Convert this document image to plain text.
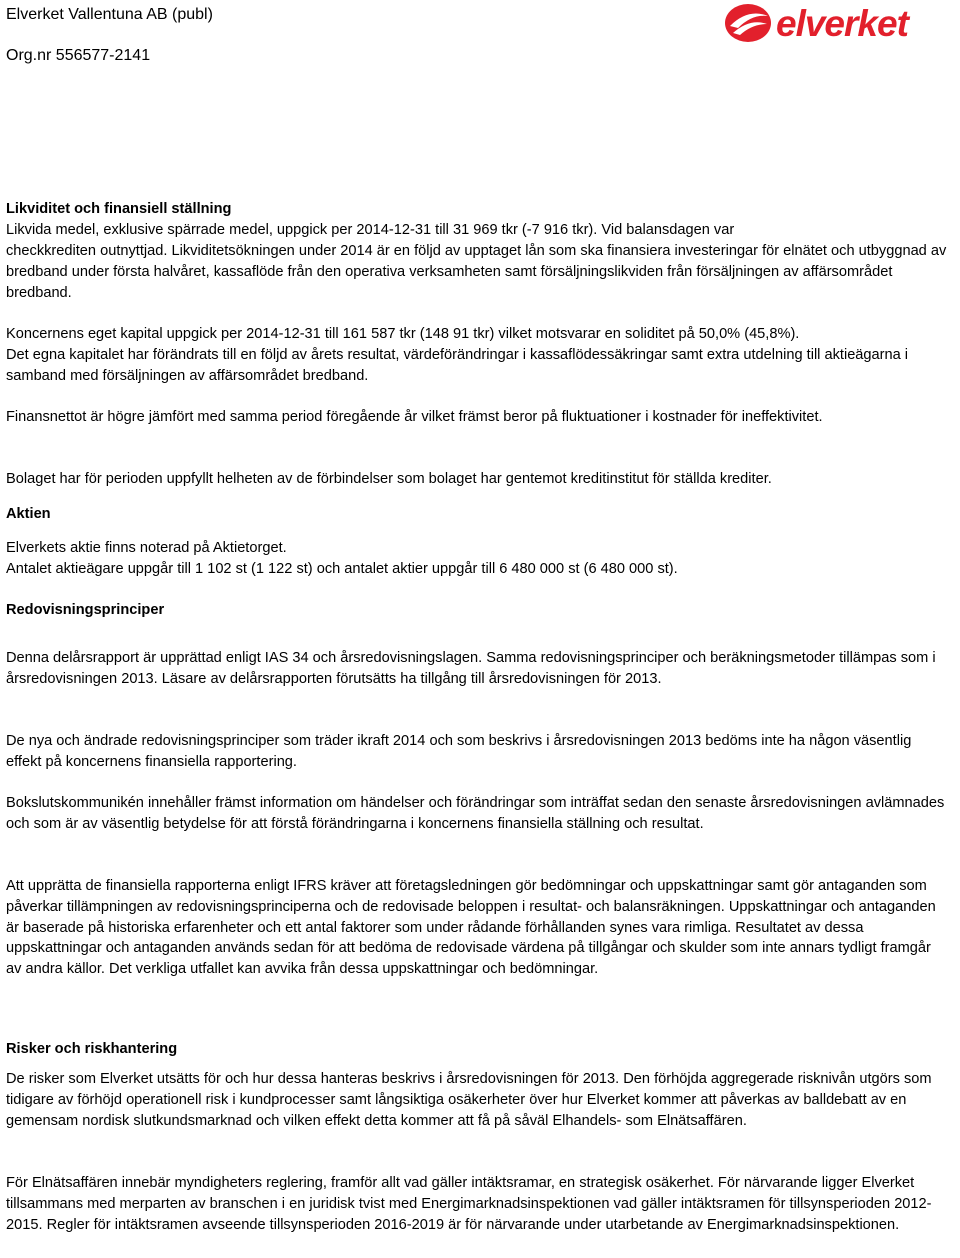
Elverket Vallentuna AB (publ)
Org.nr 556577-2141
elverket
Likviditet och finansiell ställning

Likvida medel, exklusive spärrade medel, uppgick per 2014-12-31 till 31 969 tkr (-7 916 tkr). Vid balansdagen var

checkkrediten outnyttjad. Likviditetsökningen under 2014 är en följd av upptaget lån som ska finansiera investeringar för elnätet och utbyggnad av bredband under första halvåret, kassaflöde från den operativa verksamheten samt försäljningslikviden från försäljningen av affärsområdet bredband.

Koncernens eget kapital uppgick per 2014-12-31 till 161 587 tkr (148 91 tkr) vilket motsvarar en soliditet på 50,0% (45,8%).

Det egna kapitalet har förändrats till en följd av årets resultat, värdeförändringar i kassaflödessäkringar samt extra utdelning till aktieägarna i samband med försäljningen av affärsområdet bredband.

Finansnettot är högre jämfört med samma period föregående år vilket främst beror på fluktuationer i kostnader för ineffektivitet.

Bolaget har för perioden uppfyllt helheten av de förbindelser som bolaget har gentemot kreditinstitut för ställda krediter.

Aktien

Elverkets aktie finns noterad på Aktietorget.

Antalet aktieägare uppgår till 1 102 st (1 122 st) och antalet aktier uppgår till 6 480 000 st (6 480 000 st).

Redovisningsprinciper

Denna delårsrapport är upprättad enligt IAS 34 och årsredovisningslagen. Samma redovisningsprinciper och beräkningsmetoder tillämpas som i årsredovisningen 2013. Läsare av delårsrapporten förutsätts ha tillgång till årsredovisningen för 2013.

De nya och ändrade redovisningsprinciper som träder ikraft 2014 och som beskrivs i årsredovisningen 2013 bedöms inte ha någon väsentlig effekt på koncernens finansiella rapportering.

Bokslutskommunikén innehåller främst information om händelser och förändringar som inträffat sedan den senaste årsredovisningen avlämnades och som är av väsentlig betydelse för att förstå förändringarna i koncernens finansiella ställning och resultat.

Att upprätta de finansiella rapporterna enligt IFRS kräver att företagsledningen gör bedömningar och uppskattningar samt gör antaganden som påverkar tillämpningen av redovisningsprinciperna och de redovisade beloppen i resultat- och balansräkningen. Uppskattningar och antaganden är baserade på historiska erfarenheter och ett antal faktorer som under rådande förhållanden synes vara rimliga. Resultatet av dessa uppskattningar och antaganden används sedan för att bedöma de redovisade värdena på tillgångar och skulder som inte annars tydligt framgår av andra källor. Det verkliga utfallet kan avvika från dessa uppskattningar och bedömningar.

Risker och riskhantering

De risker som Elverket utsätts för och hur dessa hanteras beskrivs i årsredovisningen för 2013. Den förhöjda aggregerade risknivån utgörs som tidigare av förhöjd operationell risk i kundprocesser samt långsiktiga osäkerheter över hur Elverket kommer att påverkas av balldebatt av en gemensam nordisk slutkundsmarknad och vilken effekt detta kommer att få på såväl Elhandels- som Elnätsaffären.

För Elnätsaffären innebär myndigheters reglering, framför allt vad gäller intäktsramar, en strategisk osäkerhet. För närvarande ligger Elverket tillsammans med merparten av branschen i en juridisk tvist med Energimarknadsinspektionen vad gäller intäktsramen för tillsynsperioden 2012-2015. Regler för intäktsramen avseende tillsynsperioden 2016-2019 är för närvarande under utarbetande av Energimarknadsinspektionen.
